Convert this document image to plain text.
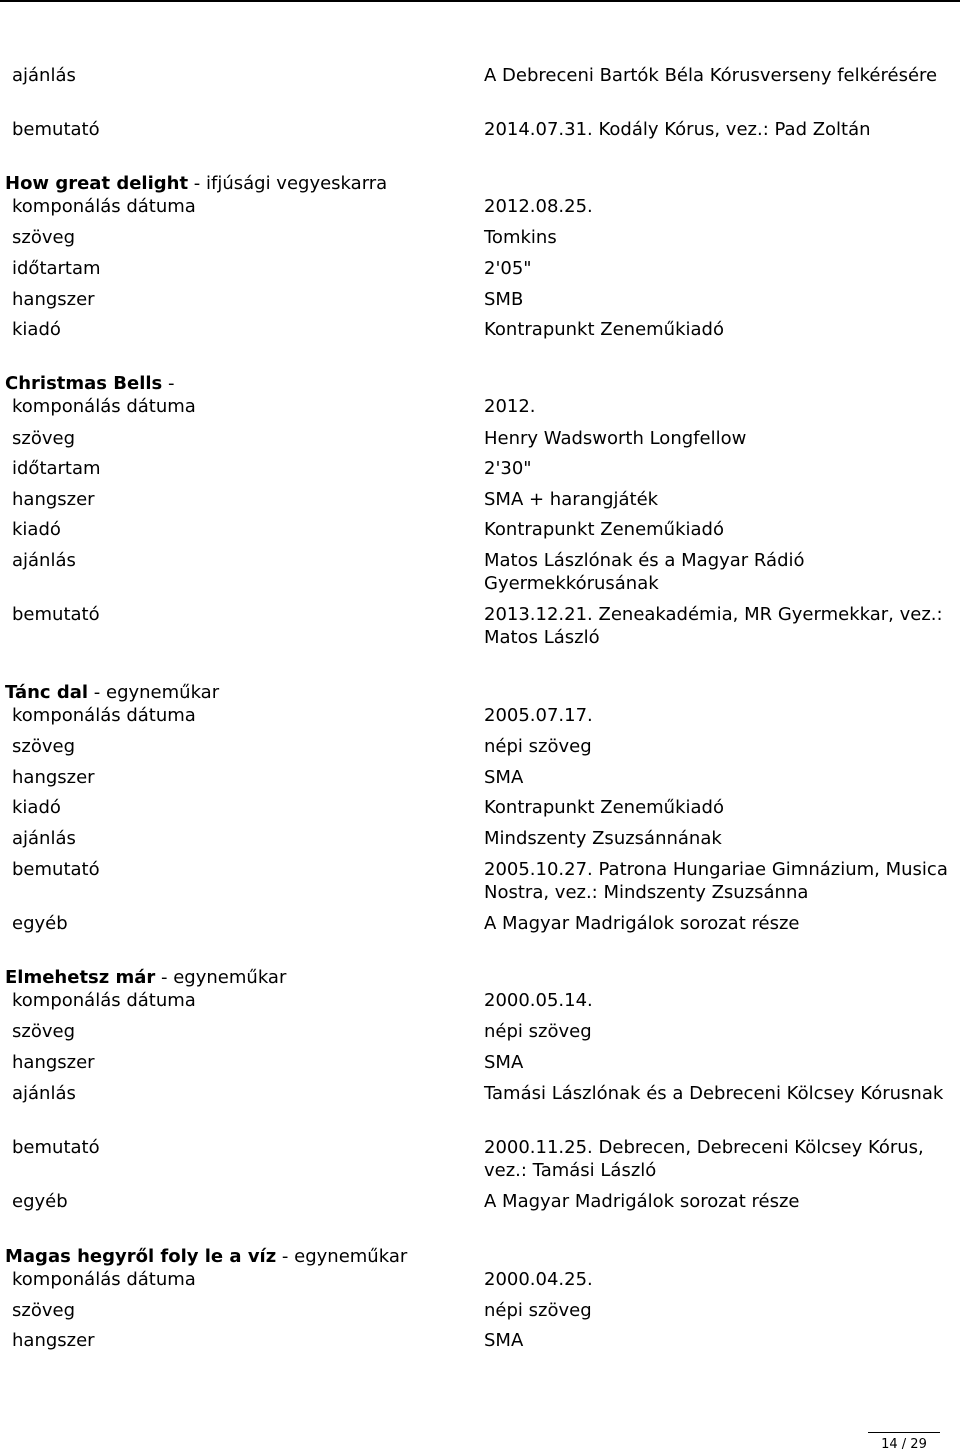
ajánlás	A Debreceni Bartók Béla Kórusverseny felkérésére
bemutató	2014.07.31. Kodály Kórus, vez.: Pad Zoltán
How great delight - ifjúsági vegyeskarra
komponálás dátuma	2012.08.25.
szöveg	Tomkins
időtartam	2'05"
hangszer	SMB
kiadó	Kontrapunkt Zeneműkiadó
Christmas Bells -
komponálás dátuma	2012.
szöveg	Henry Wadsworth Longfellow
időtartam	2'30"
hangszer	SMA + harangjáték
kiadó	Kontrapunkt Zeneműkiadó
ajánlás	Matos Lászlónak és a Magyar Rádió Gyermekkórusának
bemutató	2013.12.21. Zeneakadémia, MR Gyermekkar, vez.: Matos László
Tánc dal - egyneműkar
komponálás dátuma	2005.07.17.
szöveg	népi szöveg
hangszer	SMA
kiadó	Kontrapunkt Zeneműkiadó
ajánlás	Mindszenty Zsuzsánnának
bemutató	2005.10.27. Patrona Hungariae Gimnázium, Musica Nostra, vez.: Mindszenty Zsuzsánna
egyéb	A Magyar Madrigálok sorozat része
Elmehetsz már - egyneműkar
komponálás dátuma	2000.05.14.
szöveg	népi szöveg
hangszer	SMA
ajánlás	Tamási Lászlónak és a Debreceni Kölcsey Kórusnak
bemutató	2000.11.25. Debrecen, Debreceni Kölcsey Kórus, vez.: Tamási László
egyéb	A Magyar Madrigálok sorozat része
Magas hegyről foly le a víz - egyneműkar
komponálás dátuma	2000.04.25.
szöveg	népi szöveg
hangszer	SMA
14 / 29
